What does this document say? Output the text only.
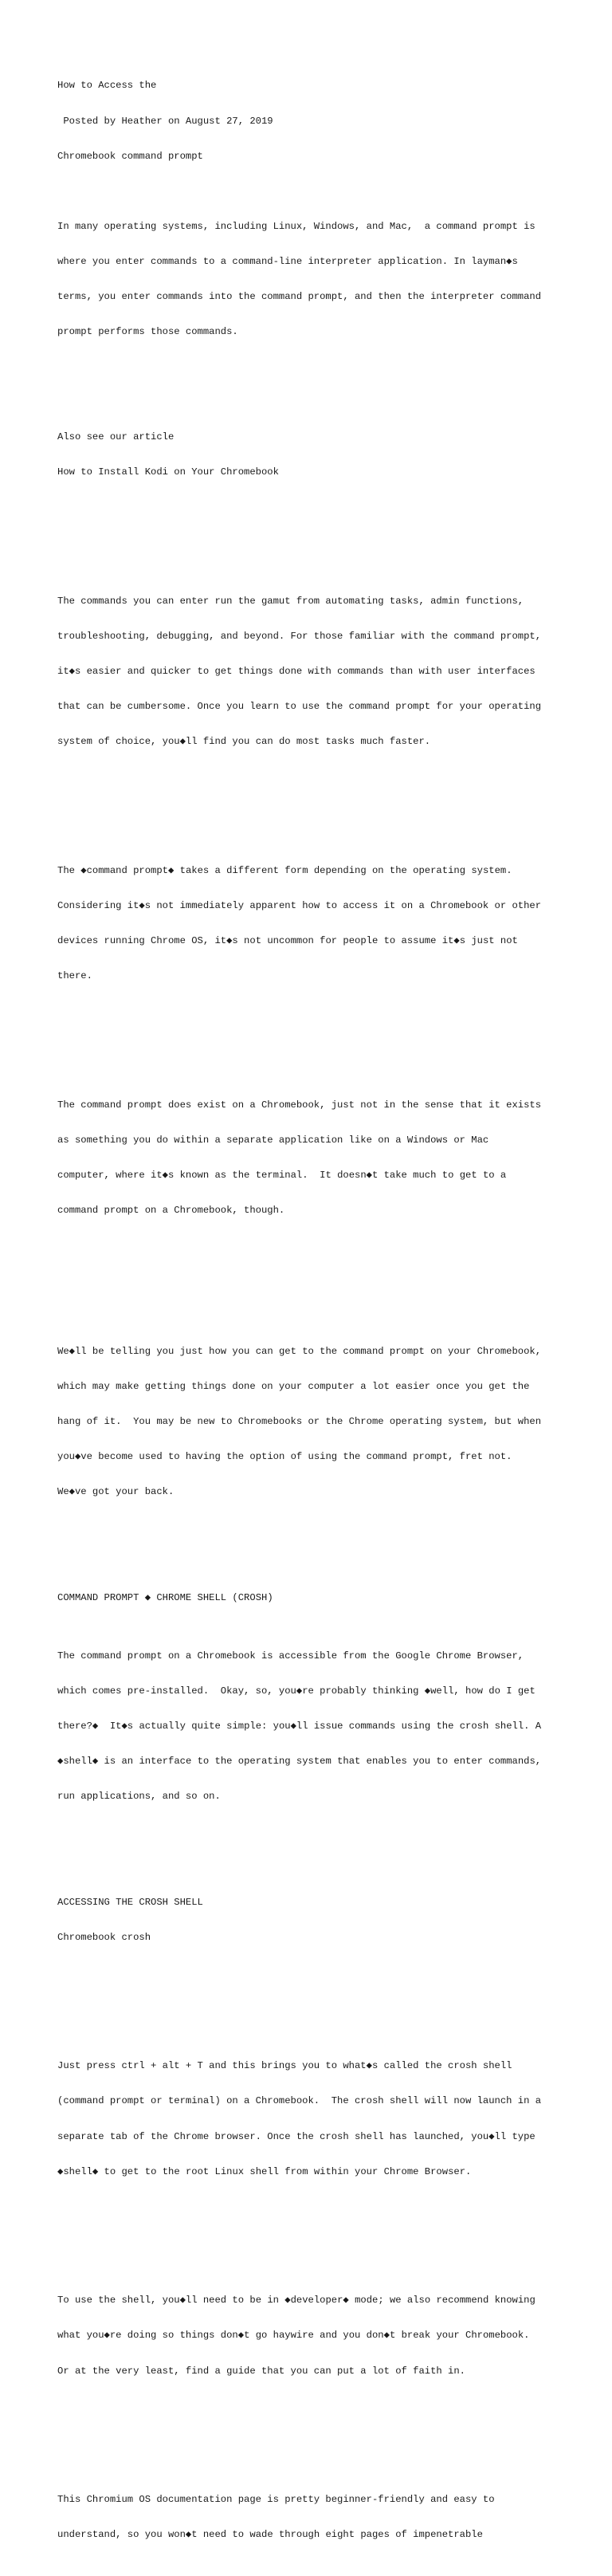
How to Access the

Posted by Heather on August 27, 2019

Chromebook command prompt

In many operating systems, including Linux, Windows, and Mac,  a command prompt is

where you enter commands to a command-line interpreter application. In layman◆s

terms, you enter commands into the command prompt, and then the interpreter command

prompt performs those commands.

Also see our article

How to Install Kodi on Your Chromebook

The commands you can enter run the gamut from automating tasks, admin functions,

troubleshooting, debugging, and beyond. For those familiar with the command prompt,

it◆s easier and quicker to get things done with commands than with user interfaces

that can be cumbersome. Once you learn to use the command prompt for your operating

system of choice, you◆ll find you can do most tasks much faster.

The ◆command prompt◆ takes a different form depending on the operating system.

Considering it◆s not immediately apparent how to access it on a Chromebook or other

devices running Chrome OS, it◆s not uncommon for people to assume it◆s just not

there.

The command prompt does exist on a Chromebook, just not in the sense that it exists

as something you do within a separate application like on a Windows or Mac

computer, where it◆s known as the terminal.  It doesn◆t take much to get to a

command prompt on a Chromebook, though.

We◆ll be telling you just how you can get to the command prompt on your Chromebook,

which may make getting things done on your computer a lot easier once you get the

hang of it.  You may be new to Chromebooks or the Chrome operating system, but when

you◆ve become used to having the option of using the command prompt, fret not.

We◆ve got your back.

COMMAND PROMPT ◆ CHROME SHELL (CROSH)

The command prompt on a Chromebook is accessible from the Google Chrome Browser,

which comes pre-installed.  Okay, so, you◆re probably thinking ◆well, how do I get

there?◆  It◆s actually quite simple: you◆ll issue commands using the crosh shell. A

◆shell◆ is an interface to the operating system that enables you to enter commands,

run applications, and so on.

ACCESSING THE CROSH SHELL

Chromebook crosh

Just press ctrl + alt + T and this brings you to what◆s called the crosh shell

(command prompt or terminal) on a Chromebook.  The crosh shell will now launch in a

separate tab of the Chrome browser. Once the crosh shell has launched, you◆ll type

◆shell◆ to get to the root Linux shell from within your Chrome Browser.

To use the shell, you◆ll need to be in ◆developer◆ mode; we also recommend knowing

what you◆re doing so things don◆t go haywire and you don◆t break your Chromebook.

Or at the very least, find a guide that you can put a lot of faith in.

This Chromium OS documentation page is pretty beginner-friendly and easy to

understand, so you won◆t need to wade through eight pages of impenetrable
